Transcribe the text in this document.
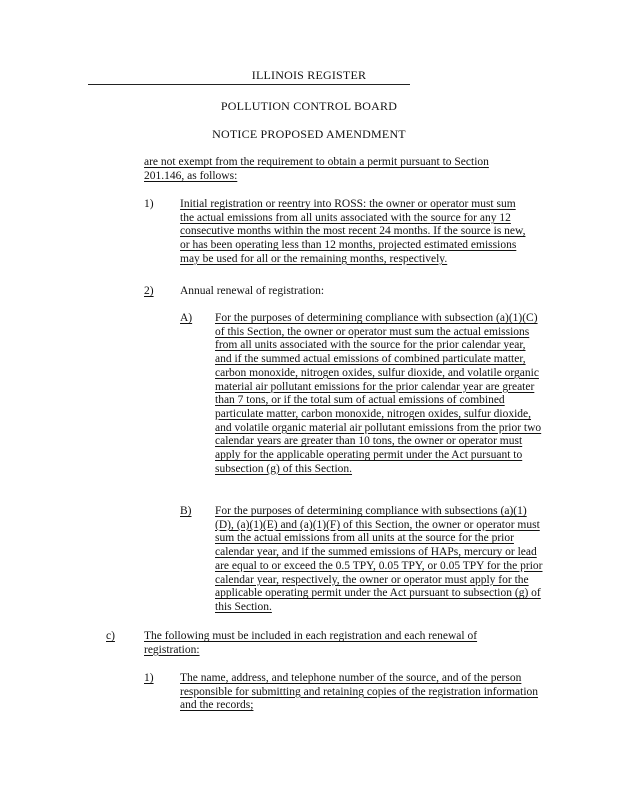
ILLINOIS REGISTER
POLLUTION CONTROL BOARD
NOTICE PROPOSED AMENDMENT
are not exempt from the requirement to obtain a permit pursuant to Section 201.146, as follows:
1) Initial registration or reentry into ROSS: the owner or operator must sum the actual emissions from all units associated with the source for any 12 consecutive months within the most recent 24 months. If the source is new, or has been operating less than 12 months, projected estimated emissions may be used for all or the remaining months, respectively.
2) Annual renewal of registration:
A) For the purposes of determining compliance with subsection (a)(1)(C) of this Section, the owner or operator must sum the actual emissions from all units associated with the source for the prior calendar year, and if the summed actual emissions of combined particulate matter, carbon monoxide, nitrogen oxides, sulfur dioxide, and volatile organic material air pollutant emissions for the prior calendar year are greater than 7 tons, or if the total sum of actual emissions of combined particulate matter, carbon monoxide, nitrogen oxides, sulfur dioxide, and volatile organic material air pollutant emissions from the prior two calendar years are greater than 10 tons, the owner or operator must apply for the applicable operating permit under the Act pursuant to subsection (g) of this Section.
B) For the purposes of determining compliance with subsections (a)(1)(D), (a)(1)(E) and (a)(1)(F) of this Section, the owner or operator must sum the actual emissions from all units at the source for the prior calendar year, and if the summed emissions of HAPs, mercury or lead are equal to or exceed the 0.5 TPY, 0.05 TPY, or 0.05 TPY for the prior calendar year, respectively, the owner or operator must apply for the applicable operating permit under the Act pursuant to subsection (g) of this Section.
c)	The following must be included in each registration and each renewal of registration:
1) The name, address, and telephone number of the source, and of the person responsible for submitting and retaining copies of the registration information and the records;
